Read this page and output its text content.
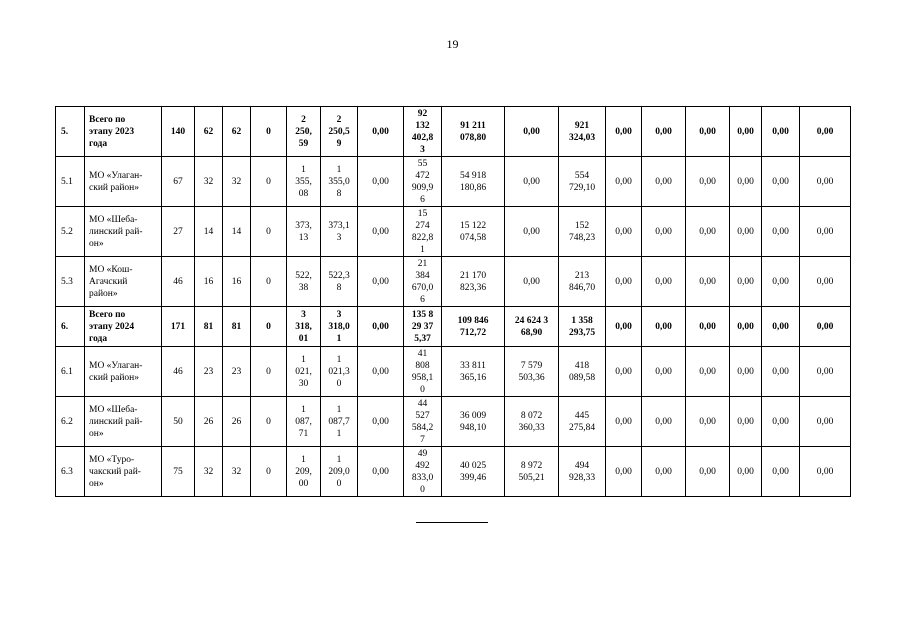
19
5.	Всего по
этапу 2023
года	140	62	62	0	2
250,
59	2
250,5
9	0,00	92
132
402,8
3	91 211
078,80	0,00	921
324,03	0,00	0,00	0,00	0,00	0,00	0,00
5.1	МО «Улаган-
ский район»	67	32	32	0	1
355,
08	1
355,0
8	0,00	55
472
909,9
6	54 918
180,86	0,00	554
729,10	0,00	0,00	0,00	0,00	0,00	0,00
5.2	МО «Шеба-
линский рай-
он»	27	14	14	0	373,
13	373,1
3	0,00	15
274
822,8
1	15 122
074,58	0,00	152
748,23	0,00	0,00	0,00	0,00	0,00	0,00
5.3	МО «Кош-
Агачский
район»	46	16	16	0	522,
38	522,3
8	0,00	21
384
670,0
6	21 170
823,36	0,00	213
846,70	0,00	0,00	0,00	0,00	0,00	0,00
6.	Всего по
этапу 2024
года	171	81	81	0	3
318,
01	3
318,0
1	0,00	135 8
29 37
5,37	109 846
712,72	24 624 3
68,90	1 358
293,75	0,00	0,00	0,00	0,00	0,00	0,00
6.1	МО «Улаган-
ский район»	46	23	23	0	1
021,
30	1
021,3
0	0,00	41
808
958,1
0	33 811
365,16	7 579
503,36	418
089,58	0,00	0,00	0,00	0,00	0,00	0,00
6.2	МО «Шеба-
линский рай-
он»	50	26	26	0	1
087,
71	1
087,7
1	0,00	44
527
584,2
7	36 009
948,10	8 072
360,33	445
275,84	0,00	0,00	0,00	0,00	0,00	0,00
6.3	МО «Туро-
чакский рай-
он»	75	32	32	0	1
209,
00	1
209,0
0	0,00	49
492
833,0
0	40 025
399,46	8 972
505,21	494
928,33	0,00	0,00	0,00	0,00	0,00	0,00
